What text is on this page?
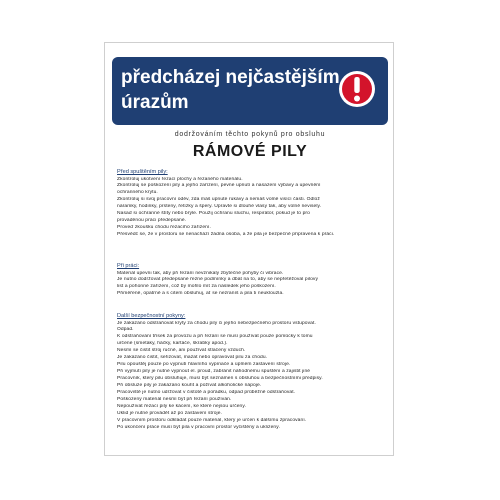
předcházej nejčastějším
úrazům
dodržováním těchto pokynů pro obsluhu
RÁMOVÉ PILY
Před spuštěním pily:
Zkontroluj ukotvení řezací plochy a řezaného materiálu.
Zkontroluj se poškození pily a jejího zařízení, pevné upnutí a nasazení výbavy a upevnění
ochranného krytu.
Zkontroluj si svůj pracovní oděv, zda máš upnuté rukávy a nemáš volně visící části. Odlož
náramky, hodinky, prsteny, řetízky a špery. Upravte si dlouhé vlasy tak, aby volně nevisely.
Nasaď si ochranné štíty nebo brýle. Použij ochranu sluchu, respirátor, pokud je to pro
prováděnou práci předepsané.
Proveď zkoušku chodu řezacího zařízení.
Přesvědč se, že v prostoru se nenachází žádná osoba, a že pila je bezpečně připravena k práci.
Při práci:
Materiál upevni tak, aby při řezání nevznikaly zbytečné pohyby či vibrace.
Je nutno dodržovat předepsané řezné podmínky a dbát na to, aby se nepřetěžoval pilový
list a pohonné zařízení, což by mohlo mít za následek jeho poškození.
Přiměřeně, opatrně a s citem obsluhuj, ať se nezraníš a pila ti neuklouzla.
Další bezpečnostní pokyny:
Je zakázáno odstraňovat kryty za chodu pily či jejího nebezpečného prostoru vstupovat.
Odpad.
K odstraňování třísek za provozu a při řezání se musí používat pouze pomůcky k tomu
určené (smetáky, háčky, kartáče, škrabky apod.).
Nesmí se čistit stroj ručně, ani používat stlačený vzduch.
Je zakázáno čistit, seřizovat, mazat nebo opravovat pilu za chodu.
Pilu opouštěj pouze po vypnutí hlavního vypínače a úplném zastavení stroje.
Při vyjmutí pily je nutné vypnout el. proud, zabránit náhodnému spuštění a zajistit jiné
Pracovník, který pilu obsluhuje, musí být seznámen s obsluhou a bezpečnostními předpisy.
Při obsluze pily je zakázáno kouřit a požívat alkoholické nápoje.
Pracoviště je nutno udržovat v čistotě a pořádku, odpad průběžně odstraňovat.
Poškozený materiál nesmí být při řezání používán.
Nepoužívat řezací pily ke kácení, ke které nejsou určeny.
Úklid je nutné provádět až po zastavení stroje.
V pracovním prostoru odkládat pouze materiál, který je určen k dalšímu zpracování.
Po ukončení práce musí být pila v pracovní prostor vyčištěný a uklizený.
